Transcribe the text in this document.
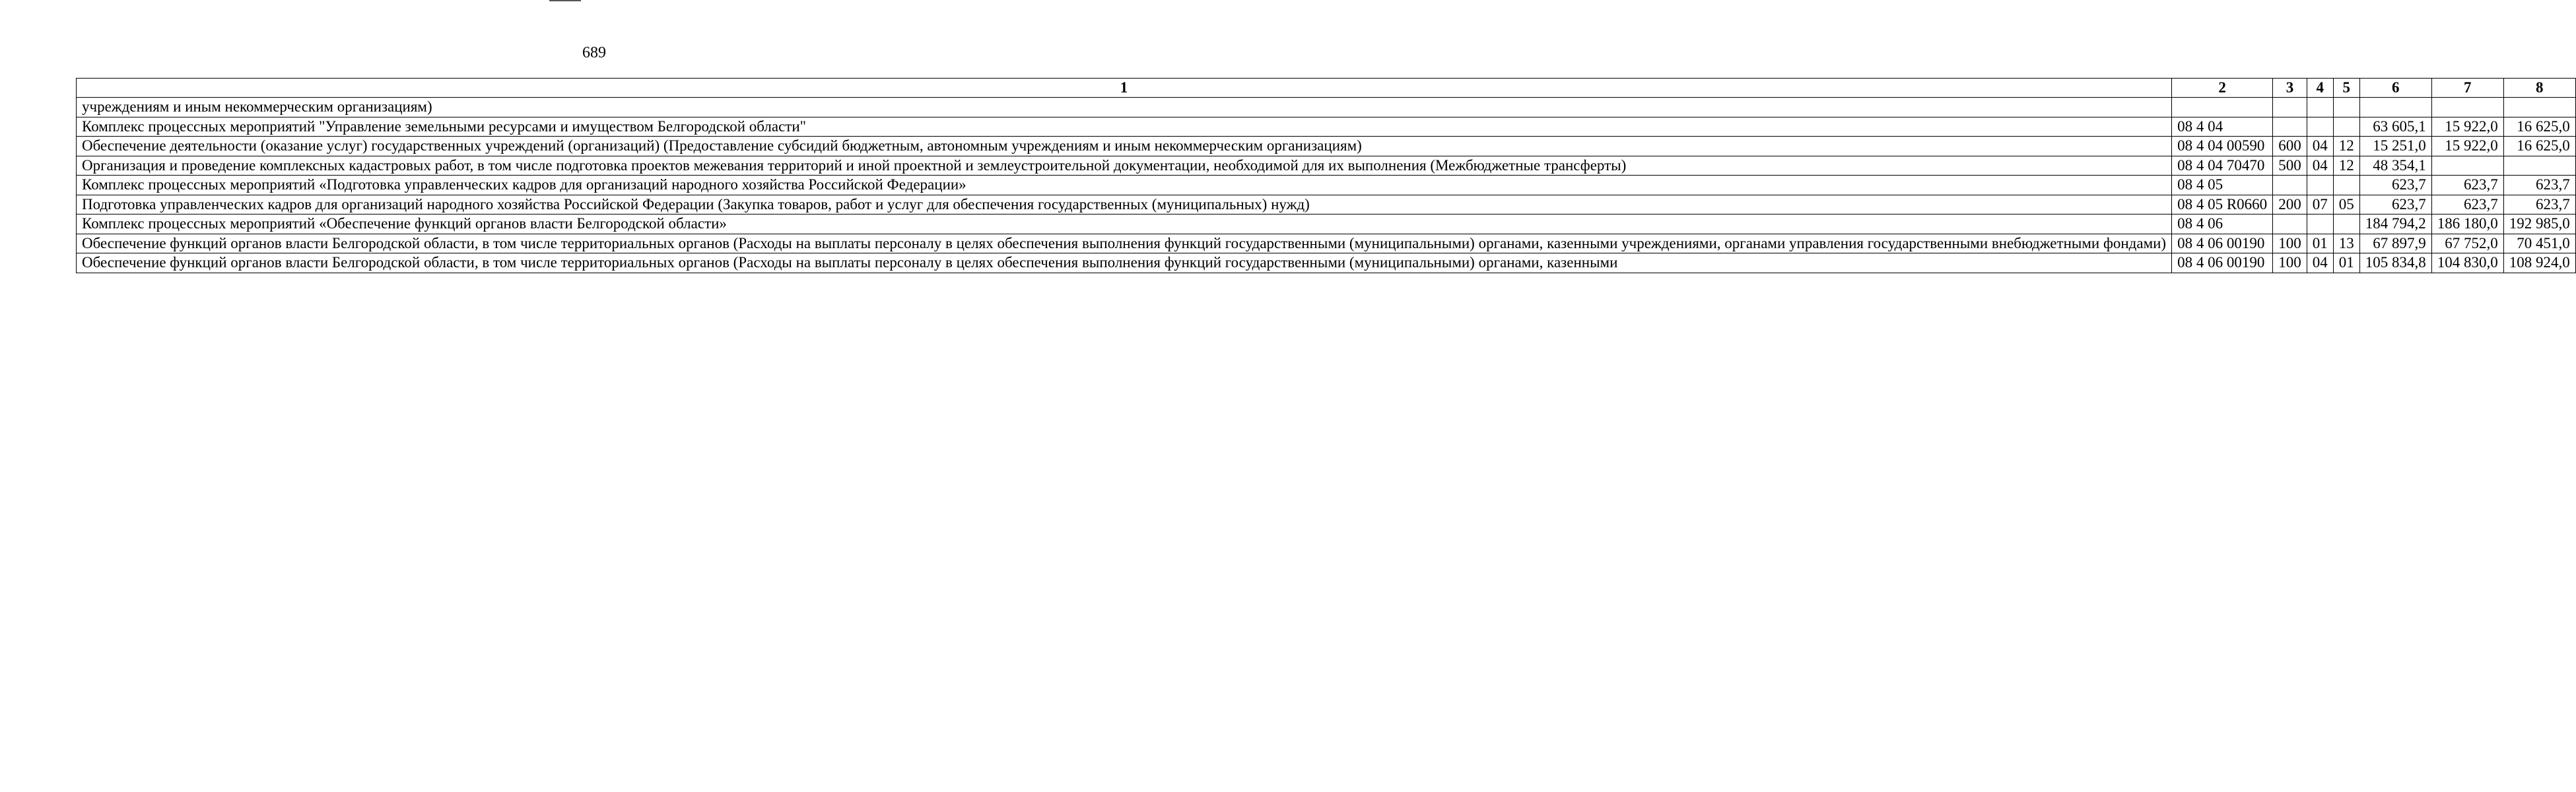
689
1	2	3	4	5	6	7	8
учреждениям и иным некоммерческим организациям)							
Комплекс процессных мероприятий "Управление земельными ресурсами и имуществом Белгородской области"	08 4 04				63 605,1	15 922,0	16 625,0
Обеспечение деятельности (оказание услуг) государственных учреждений (организаций) (Предоставление субсидий бюджетным, автономным учреждениям и иным некоммерческим организациям)	08 4 04 00590	600	04	12	15 251,0	15 922,0	16 625,0
Организация и проведение комплексных кадастровых работ, в том числе подготовка проектов межевания территорий и иной проектной и землеустроительной документации, необходимой для их выполнения (Межбюджетные трансферты)	08 4 04 70470	500	04	12	48 354,1		
Комплекс процессных мероприятий «Подготовка управленческих кадров для организаций народного хозяйства Российской Федерации»	08 4 05				623,7	623,7	623,7
Подготовка управленческих кадров для организаций народного хозяйства Российской Федерации (Закупка товаров, работ и услуг для обеспечения государственных (муниципальных) нужд)	08 4 05 R0660	200	07	05	623,7	623,7	623,7
Комплекс процессных мероприятий «Обеспечение функций органов власти Белгородской области»	08 4 06				184 794,2	186 180,0	192 985,0
Обеспечение функций органов власти Белгородской области, в том числе территориальных органов (Расходы на выплаты персоналу в целях обеспечения выполнения функций государственными (муниципальными) органами, казенными учреждениями, органами управления государственными внебюджетными фондами)	08 4 06 00190	100	01	13	67 897,9	67 752,0	70 451,0
Обеспечение функций органов власти Белгородской области, в том числе территориальных органов (Расходы на выплаты персоналу в целях обеспечения выполнения функций государственными (муниципальными) органами, казенными	08 4 06 00190	100	04	01	105 834,8	104 830,0	108 924,0
